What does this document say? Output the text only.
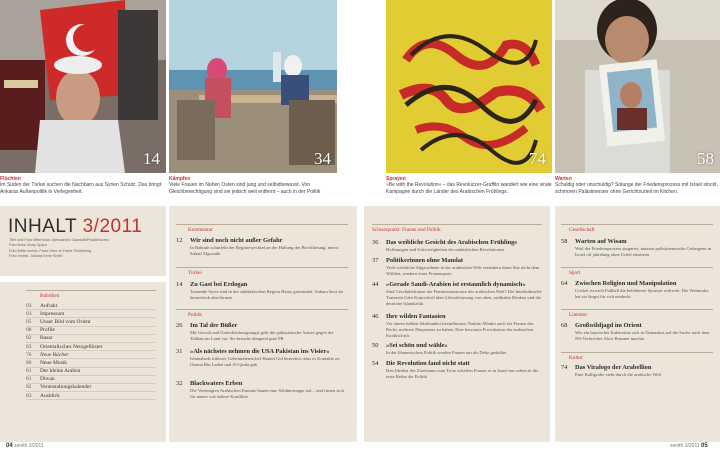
14	34	74	58
Flüchten
Im Süden der Türkei suchen die Nachbarn aus Syrien Schutz. Das bringt Ankaras Außenpolitik in Verlegenheit.
Kämpfen
Viele Frauen im Nahen Osten sind jung und selbstbewusst. Von Gleichberechtigung sind sie jedoch weit entfernt – auch in der Politik
Sprayen
»Be with the Revolution« – das Revoluzzer-Graffito wandert wie eine virale Kampagne durch die Länder des Arabischen Frühlings.
Warten
Schuldig oder unschuldig? Solange der Friedensprozess mit Israel stockt, schmoren Palästinenser ohne Gerichtsurteil im Kitchen.
INHALT 3/2011
Titel und Foto Mitte links: Alessandro Gandolfi/Parallelozero
Foto links: Andy Spyra
Foto Mitte rechts: From Here to Fame Publishing
Foto rechts: Juliana Irene Smith
Rubriken
03	Aufrakt
03	Impressum
05	Unser Bild vom Orient
08	Profile
82	Basar
83	Orientalisches Netzgeflüster
76	Neue Bücher
80	Neue Musik
81	Der kleine Arabist
81	Diwan
82	Veranstaltungskalender
83	Ausblick
Kommentar
12	Wir sind noch nicht außer Gefahr
In Bahrain schürfeln der Regimewechsel an der Haltung der Bevölkerung, meint Suhail Algosaibi
Türkei
14	Zu Gast bei Erdogan
Tausende Syrer sind in der südtürkischen Region Hatay gestrandet. Ankara lässt sie hermetisch abschirmen
Politik
26	Im Tal der Büßer
Mit Gewalt und Unterdrückungsangst geht die pakistanische Armee gegen die Taliban im Land vor. Sie braucht dringend gute PR
31	»Als nächstes nehmen die USA Pakistan ins Visier«
Islamabads früherer Geheimdienstchef Hamid Gul bestreitet, dass es Kontakte zu Osama Bin Laden und Al-Qaida gab
32	Blackwaters Erben
Die Vereinigten Arabischen Emirate bauen eine Söldnertruppe auf – und rüsten sich für innere wie äußere Konflikte
Schwerpunkt: Frauen und Politik
36	Das weibliche Gesicht des Arabischen Frühlings
Hoffnungen und Schwierigkeiten der nahöstlichen Revolutionen
37	Politikerinnen ohne Mandat
Viele weibliche Abgeordnete in der arabischen Welt verändern ihren Sitz nicht dem Wählen, sondern einer Frauenquote
44	»Gerade Saudi-Arabien ist erstaunlich dynamisch«
Sind Geschäftsfrauen der Feminismusmotor der arabischen Welt? Die Interkulturelle Trainerin Gabi Kratochwil über Liberalisierung von oben, radikalen Denken und die deutsche Islamkritik
46	Ihre wilden Fantasien
Vor einem halben Jahrhundert beeinflussten Nadine Albakri auch für Frauen das Recht, mehrere Ehepartner zu haben. Eine bewusste Provokation der arabischen Erotikschrift
50	»Sei schön und wähle«
In der libanesischen Politik werden Frauen nur als Deko geduldet
54	Die Revolution fand nicht statt
Den Idealen des Zionismus zum Trotz schaffen Frauen es in Israel nur selten in die erste Reihe der Politik
Gesellschaft
58	Warten auf Wisam
Weil der Friedensprozess stagniert, müssen palästinensische Gefangene in Israel oft jahrelang ohne Urteil einsitzen
Sport
64	Zwischen Religion und Manipulation
Cricket ist nach Fußball die beliebteste Sportart weltweit. Die Wettmafia hat sie längst für sich entdeckt
Literatur
68	Großwildjagd im Orient
Wie ein bayrischer Kabarettist sich in Damaskus auf die Suche nach dem NS-Verbrecher Alois Brunner machte
Kultur
74	Das Viralogo der Arabellion
Eine Kalligrafie zieht durch die arabische Welt
04 zenith 3/2011	zenith 3/2011 05
